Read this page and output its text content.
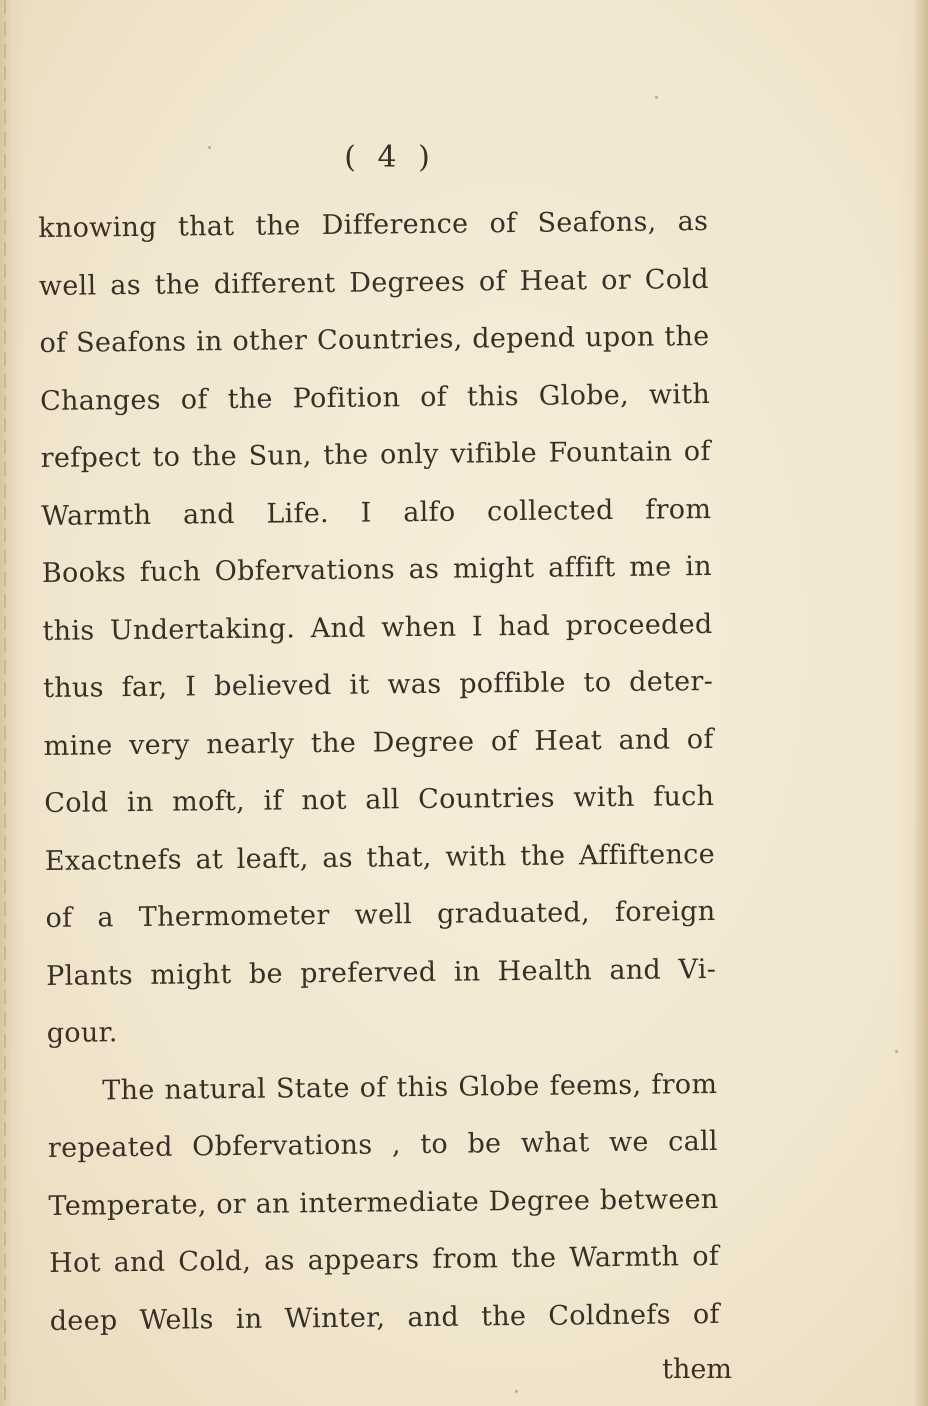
( 4 )
knowing that the Difference of Seafons, as
well as the different Degrees of Heat or Cold
of Seafons in other Countries, depend upon the
Changes of the Pofition of this Globe, with
refpect to the Sun, the only vifible Fountain of
Warmth and Life. I alfo collected from
Books fuch Obfervations as might affift me in
this Undertaking. And when I had proceeded
thus far, I believed it was poffible to deter-
mine very nearly the Degree of Heat and of
Cold in moft, if not all Countries with fuch
Exactnefs at leaft, as that, with the Affiftence
of a Thermometer well graduated, foreign
Plants might be preferved in Health and Vi-
gour.
The natural State of this Globe feems, from
repeated Obfervations , to be what we call
Temperate, or an intermediate Degree between
Hot and Cold, as appears from the Warmth of
deep Wells in Winter, and the Coldnefs of
them
